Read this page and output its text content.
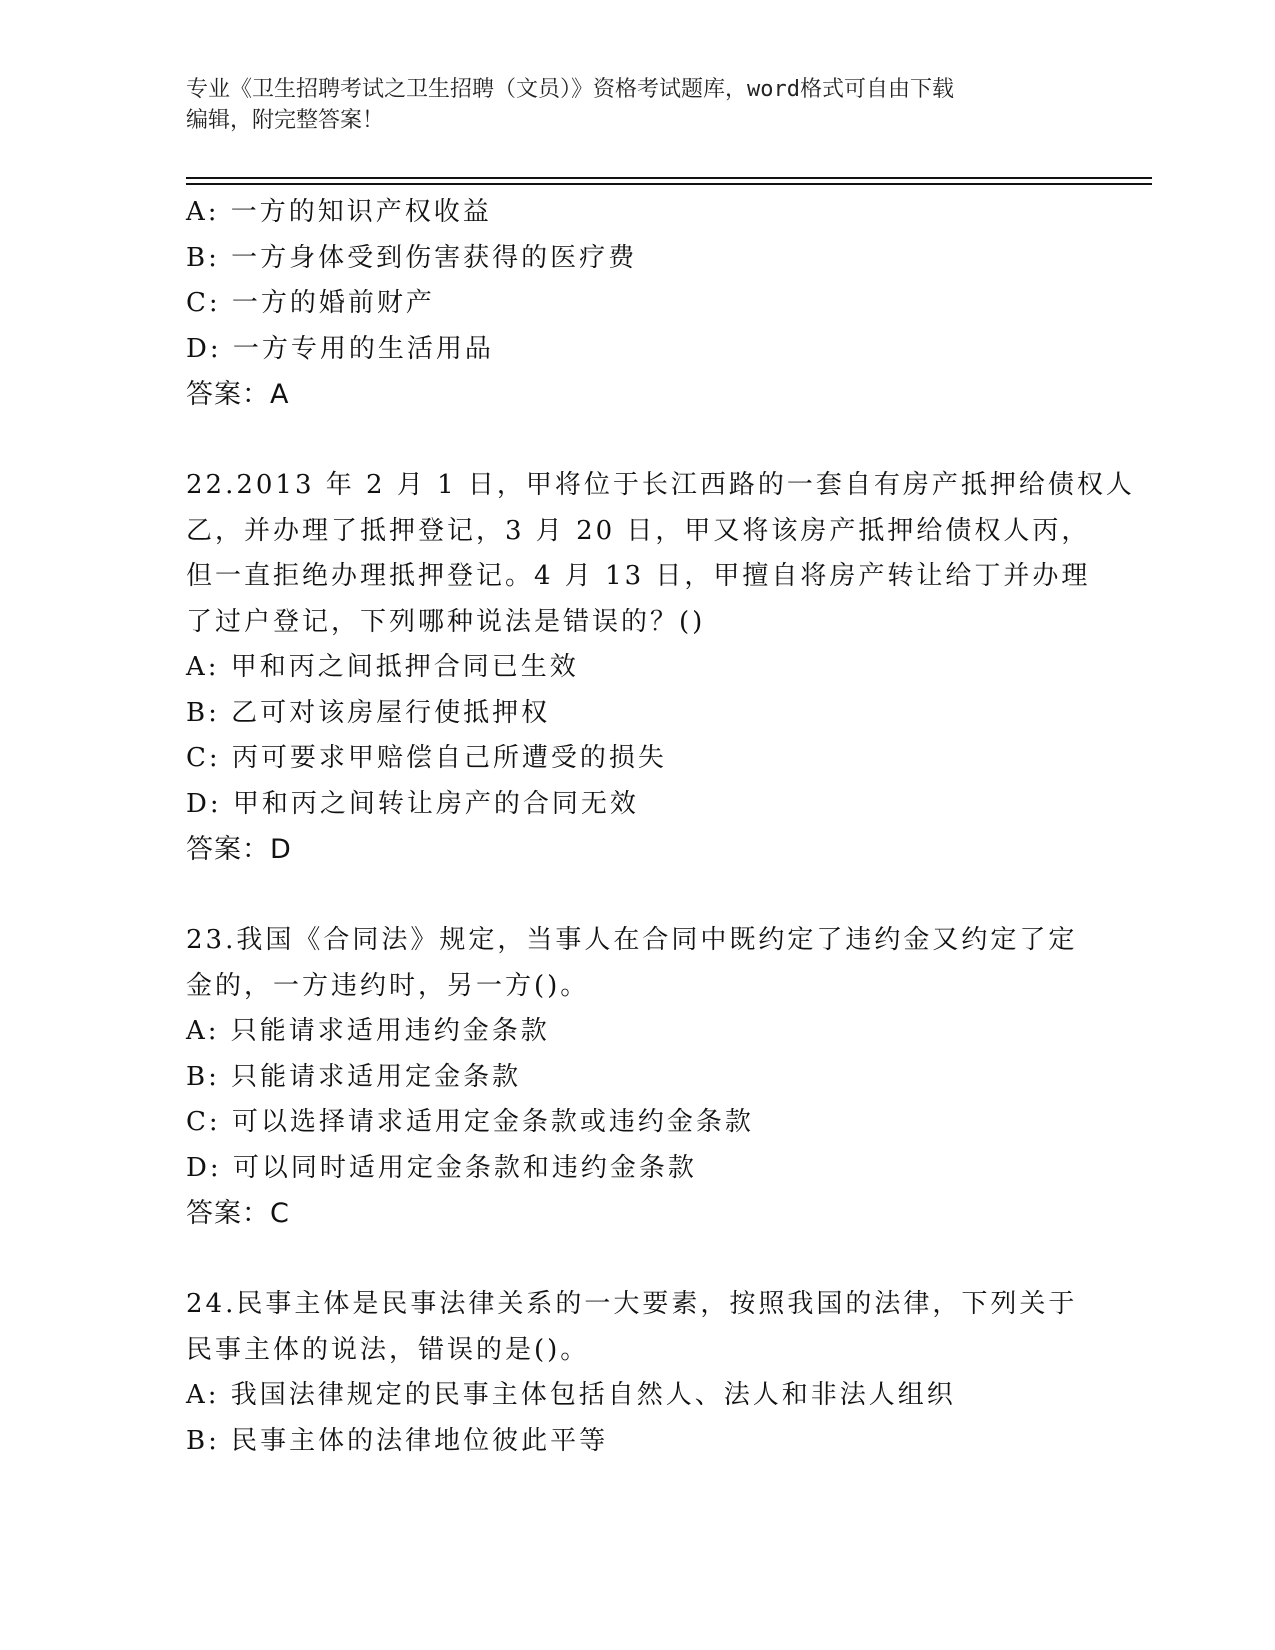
专业《卫生招聘考试之卫生招聘（文员）》资格考试题库，word格式可自由下载
编辑，附完整答案！
A: 一方的知识产权收益
B: 一方身体受到伤害获得的医疗费
C: 一方的婚前财产
D: 一方专用的生活用品
答案：A
22.2013 年 2 月 1 日，甲将位于长江西路的一套自有房产抵押给债权人
乙，并办理了抵押登记，3 月 20 日，甲又将该房产抵押给债权人丙，
但一直拒绝办理抵押登记。4 月 13 日，甲擅自将房产转让给丁并办理
了过户登记，下列哪种说法是错误的？()
A: 甲和丙之间抵押合同已生效
B: 乙可对该房屋行使抵押权
C: 丙可要求甲赔偿自己所遭受的损失
D: 甲和丙之间转让房产的合同无效
答案：D
23.我国《合同法》规定，当事人在合同中既约定了违约金又约定了定
金的，一方违约时，另一方()。
A: 只能请求适用违约金条款
B: 只能请求适用定金条款
C: 可以选择请求适用定金条款或违约金条款
D: 可以同时适用定金条款和违约金条款
答案：C
24.民事主体是民事法律关系的一大要素，按照我国的法律，下列关于
民事主体的说法，错误的是()。
A: 我国法律规定的民事主体包括自然人、法人和非法人组织
B: 民事主体的法律地位彼此平等
